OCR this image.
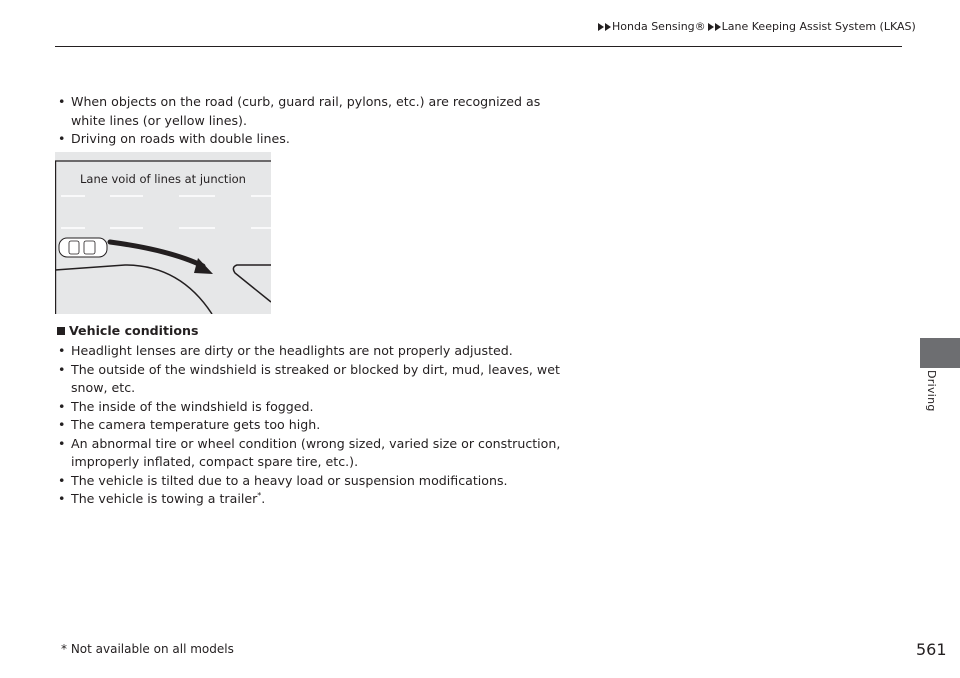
Honda Sensing® Lane Keeping Assist System (LKAS)
Driving
• When objects on the road (curb, guard rail, pylons, etc.) are recognized as white lines (or yellow lines).
• Driving on roads with double lines.
Lane void of lines at junction
Vehicle conditions
• Headlight lenses are dirty or the headlights are not properly adjusted.
• The outside of the windshield is streaked or blocked by dirt, mud, leaves, wet snow, etc.
• The inside of the windshield is fogged.
• The camera temperature gets too high.
• An abnormal tire or wheel condition (wrong sized, varied size or construction, improperly inflated, compact spare tire, etc.).
• The vehicle is tilted due to a heavy load or suspension modifications.
• The vehicle is towing a trailer*.
* Not available on all models	561
